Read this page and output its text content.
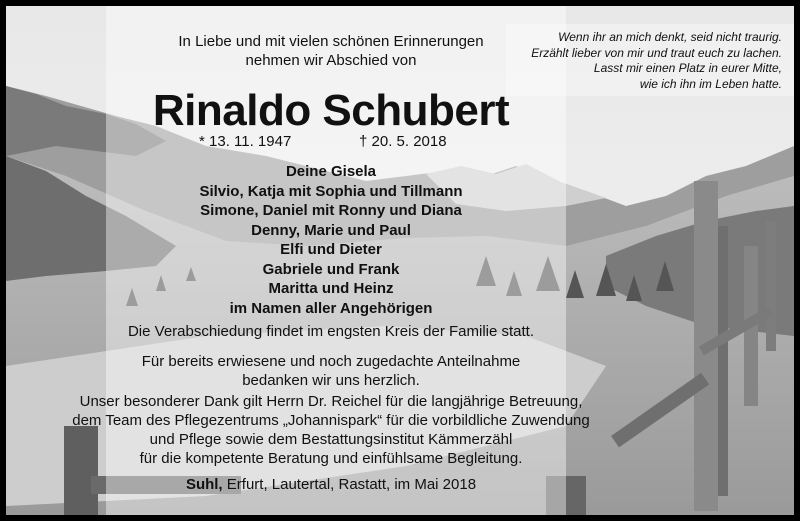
In Liebe und mit vielen schönen Erinnerungen
nehmen wir Abschied von
Rinaldo Schubert
* 13. 11. 1947	† 20. 5. 2018
Wenn ihr an mich denkt, seid nicht traurig.
Erzählt lieber von mir und traut euch zu lachen.
Lasst mir einen Platz in eurer Mitte,
wie ich ihn im Leben hatte.
Deine Gisela
Silvio, Katja mit Sophia und Tillmann
Simone, Daniel mit Ronny und Diana
Denny, Marie und Paul
Elfi und Dieter
Gabriele und Frank
Maritta und Heinz
im Namen aller Angehörigen
Die Verabschiedung findet im engsten Kreis der Familie statt.
Für bereits erwiesene und noch zugedachte Anteilnahme
bedanken wir uns herzlich.
Unser besonderer Dank gilt Herrn Dr. Reichel für die langjährige Betreuung,
dem Team des Pflegezentrums „Johannispark“ für die vorbildliche Zuwendung
und Pflege sowie dem Bestattungsinstitut Kämmerzähl
für die kompetente Beratung und einfühlsame Begleitung.
Suhl, Erfurt, Lautertal, Rastatt, im Mai 2018
